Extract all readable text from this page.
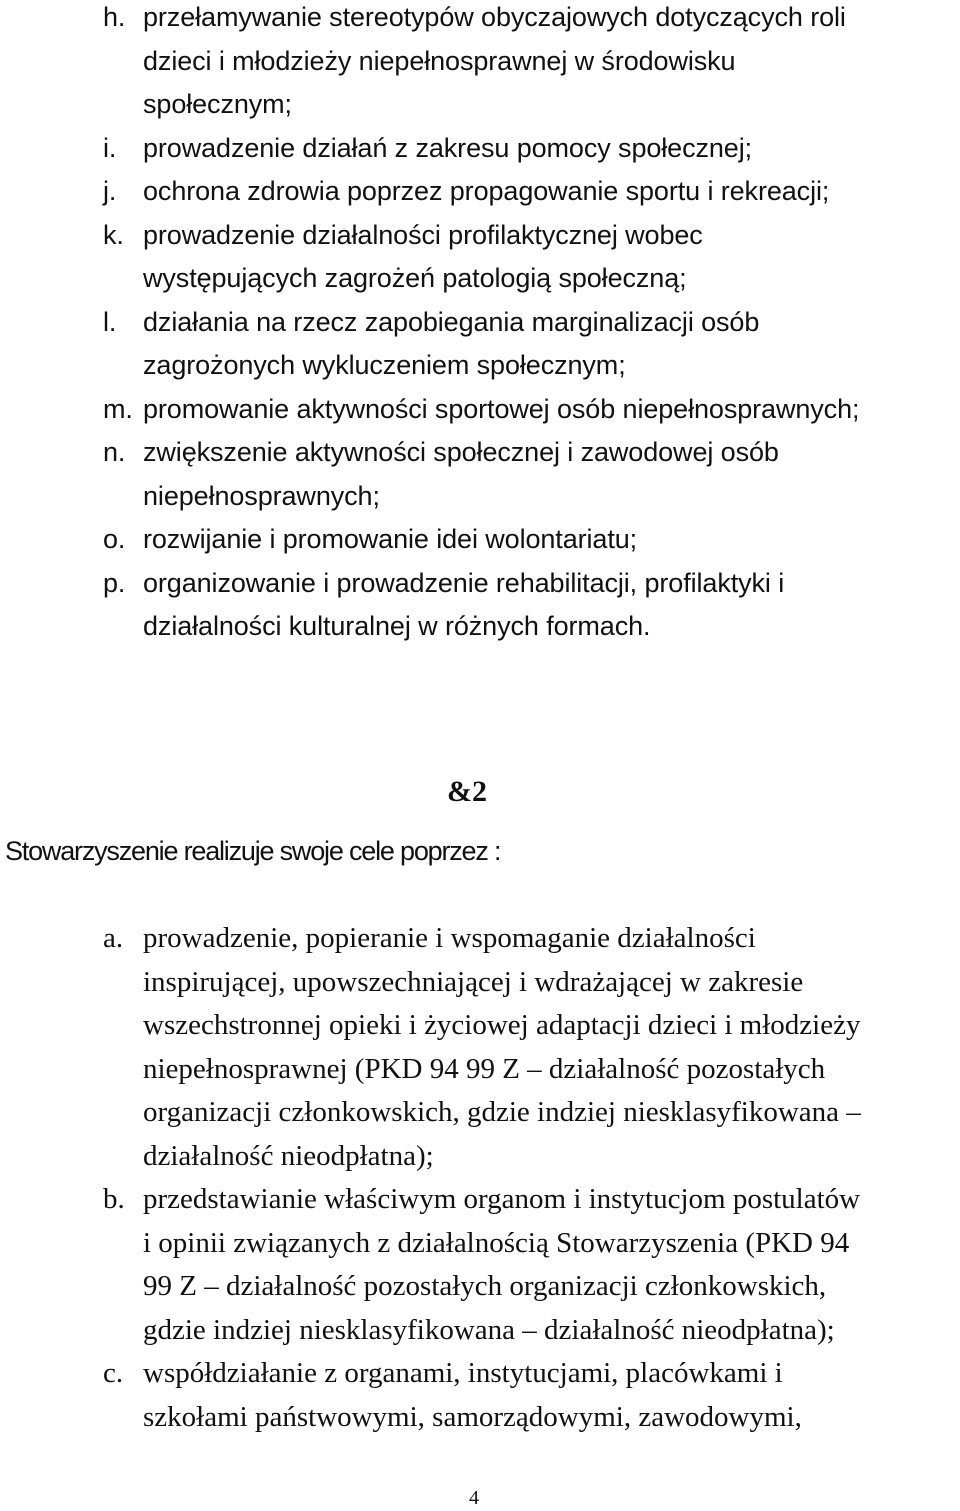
h. przełamywanie stereotypów obyczajowych dotyczących roli
dzieci i młodzieży niepełnosprawnej w środowisku
społecznym;
i. prowadzenie działań z zakresu pomocy społecznej;
j. ochrona zdrowia poprzez propagowanie sportu i rekreacji;
k. prowadzenie działalności profilaktycznej wobec
występujących zagrożeń patologią społeczną;
l. działania na rzecz zapobiegania marginalizacji osób
zagrożonych wykluczeniem społecznym;
m. promowanie aktywności sportowej osób niepełnosprawnych;
n. zwiększenie aktywności społecznej i zawodowej osób
niepełnosprawnych;
o. rozwijanie i promowanie idei wolontariatu;
p. organizowanie i prowadzenie rehabilitacji, profilaktyki i
działalności kulturalnej w różnych formach.
&2
Stowarzyszenie realizuje swoje cele poprzez :
a. prowadzenie, popieranie i wspomaganie działalności
inspirującej, upowszechniającej i wdrażającej w zakresie
wszechstronnej opieki i życiowej adaptacji dzieci i młodzieży
niepełnosprawnej (PKD 94 99 Z – działalność pozostałych
organizacji członkowskich, gdzie indziej niesklasyfikowana –
działalność nieodpłatna);
b. przedstawianie właściwym organom i instytucjom postulatów
i opinii związanych z działalnością Stowarzyszenia (PKD 94
99 Z – działalność pozostałych organizacji członkowskich,
gdzie indziej niesklasyfikowana – działalność nieodpłatna);
c. współdziałanie z organami, instytucjami, placówkami i
szkołami państwowymi, samorządowymi, zawodowymi,
4
